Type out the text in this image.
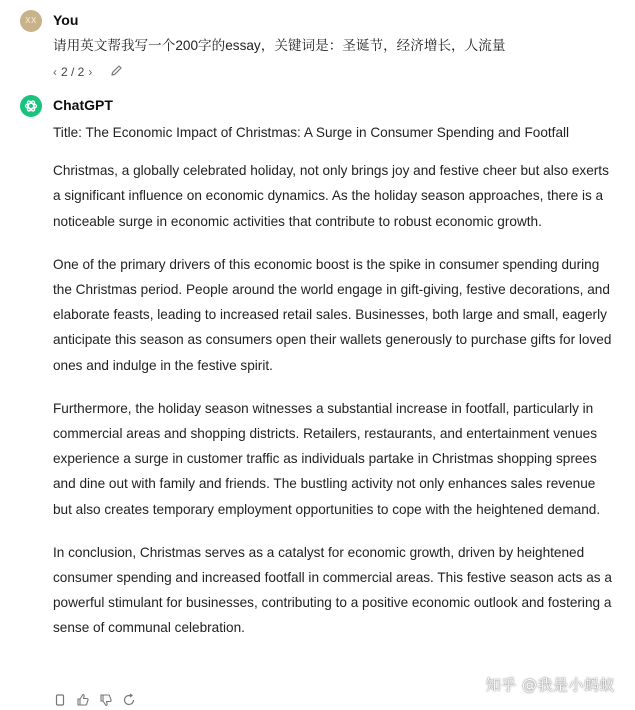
XX	You
请用英文帮我写一个200字的essay，关键词是：圣诞节，经济增长，人流量
‹ 2 / 2 ›
ChatGPT

Title: The Economic Impact of Christmas: A Surge in Consumer Spending and Footfall

Christmas, a globally celebrated holiday, not only brings joy and festive cheer but also exerts a significant influence on economic dynamics. As the holiday season approaches, there is a noticeable surge in economic activities that contribute to robust economic growth.

One of the primary drivers of this economic boost is the spike in consumer spending during the Christmas period. People around the world engage in gift-giving, festive decorations, and elaborate feasts, leading to increased retail sales. Businesses, both large and small, eagerly anticipate this season as consumers open their wallets generously to purchase gifts for loved ones and indulge in the festive spirit.

Furthermore, the holiday season witnesses a substantial increase in footfall, particularly in commercial areas and shopping districts. Retailers, restaurants, and entertainment venues experience a surge in customer traffic as individuals partake in Christmas shopping sprees and dine out with family and friends. The bustling activity not only enhances sales revenue but also creates temporary employment opportunities to cope with the heightened demand.

In conclusion, Christmas serves as a catalyst for economic growth, driven by heightened consumer spending and increased footfall in commercial areas. This festive season acts as a powerful stimulant for businesses, contributing to a positive economic outlook and fostering a sense of communal celebration.

知乎 @我是小蚂蚁
